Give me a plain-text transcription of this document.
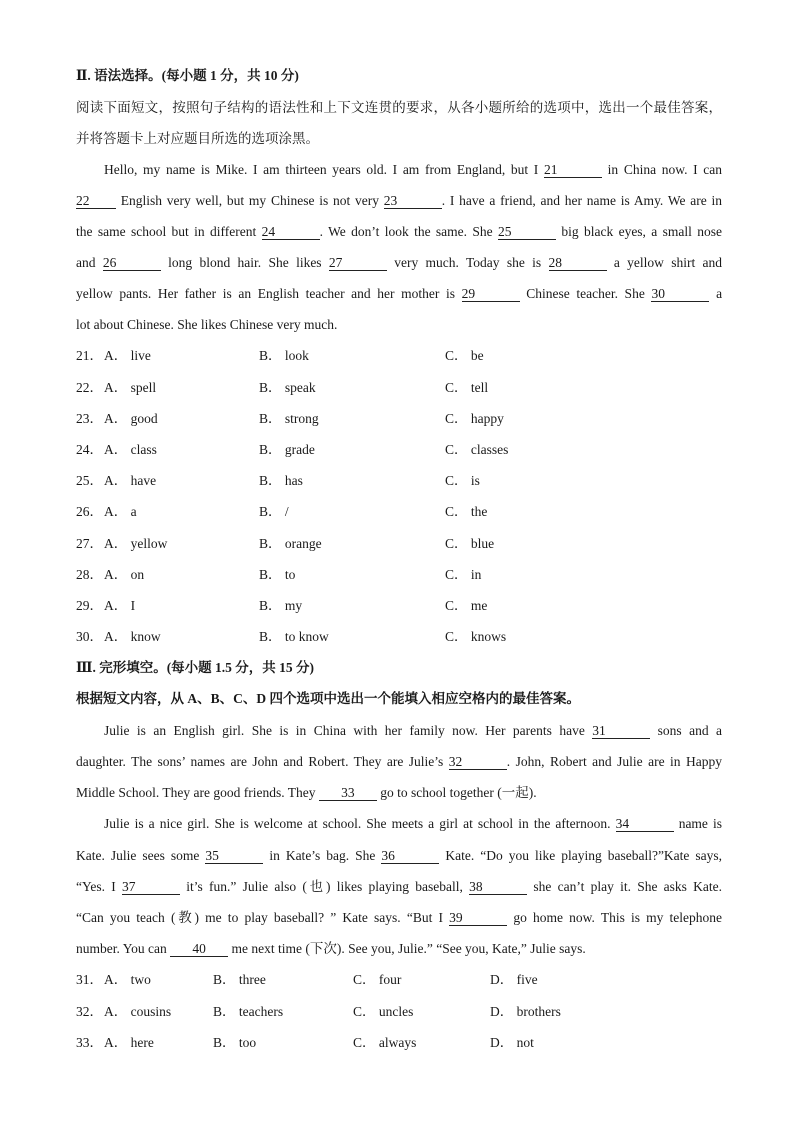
Ⅱ. 语法选择。(每小题 1 分，共 10 分)
阅读下面短文，按照句子结构的语法性和上下文连贯的要求，从各小题所给的选项中，选出一个最佳答案，
并将答题卡上对应题目所选的选项涂黑。
Hello, my name is Mike. I am thirteen years old. I am from England, but I 21	in China now. I can
22 English very well, but my Chinese is not very 23	. I have a friend, and her name is Amy. We are in
the same school but in different 24	. We don’t look the same. She 25	big black eyes, a small nose
and 26	long blond hair. She likes 27	very much. Today she is 28	a yellow shirt and
yellow pants. Her father is an English teacher and her mother is 29	Chinese teacher. She 30	a
lot about Chinese. She likes Chinese very much.
21． A． live	B． look	C． be
22． A． spell	B． speak	C． tell
23． A． good	B． strong	C． happy
24． A． class	B． grade	C． classes
25． A． have	B． has	C． is
26． A． a	B． /	C． the
27． A． yellow	B． orange	C． blue
28． A． on	B． to	C． in
29． A． I	B． my	C． me
30． A． know	B． to know	C． knows
Ⅲ. 完形填空。(每小题 1.5 分，共 15 分)
根据短文内容，从 A、B、C、D 四个选项中选出一个能填入相应空格内的最佳答案。
Julie is an English girl. She is in China with her family now. Her parents have 31	sons and a
daughter. The sons’ names are John and Robert. They are Julie’s 32	. John, Robert and Julie are in Happy
Middle School. They are good friends. They 33 go to school together (一起).
Julie is a nice girl. She is welcome at school. She meets a girl at school in the afternoon. 34	name is
Kate. Julie sees some 35	in Kate’s bag. She 36	Kate. “Do you like playing baseball?”Kate says,
“Yes. I 37	it’s fun.” Julie also (也) likes playing baseball, 38	she can’t play it. She asks Kate.
“Can you teach (教) me to play baseball? ” Kate says. “But I 39	go home now. This is my telephone
number. You can 40 me next time (下次). See you, Julie.” “See you, Kate,” Julie says.
31． A． two	B． three	C． four	D． five
32． A． cousins	B． teachers	C． uncles	D． brothers
33． A． here	B． too	C． always	D． not
